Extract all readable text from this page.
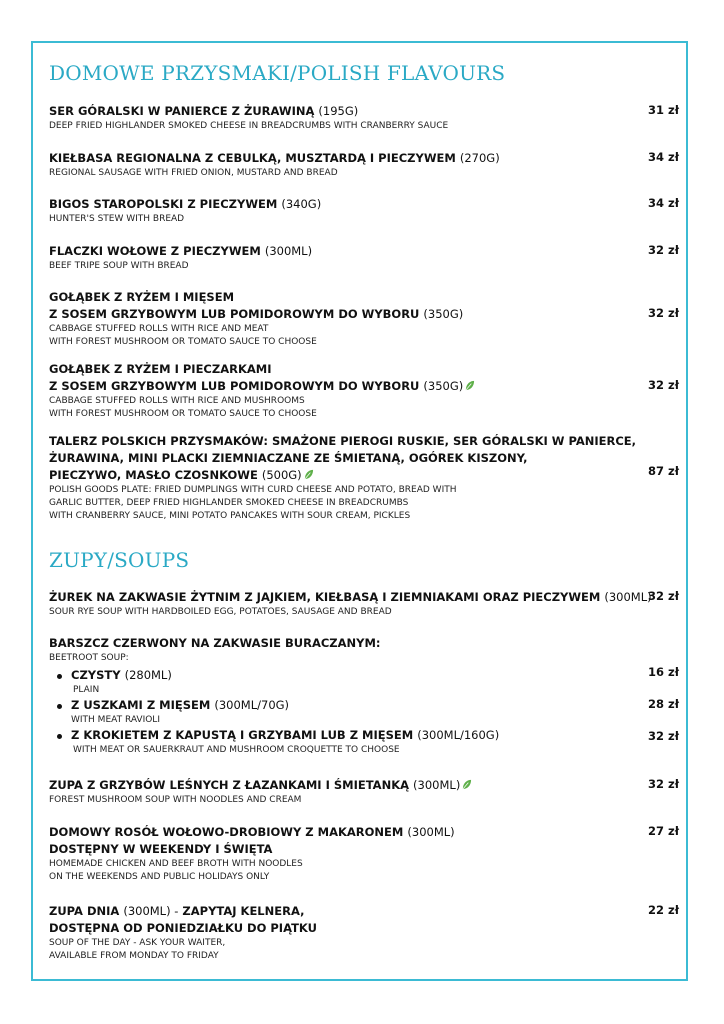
DOMOWE PRZYSMAKI/POLISH FLAVOURS
SER GÓRALSKI W PANIERCE Z ŻURAWINĄ (195G)
DEEP FRIED HIGHLANDER SMOKED CHEESE IN BREADCRUMBS WITH CRANBERRY SAUCE
31 zł
KIEŁBASA REGIONALNA Z CEBULKĄ, MUSZTARDĄ I PIECZYWEM (270G)
REGIONAL SAUSAGE WITH FRIED ONION, MUSTARD AND BREAD
34 zł
BIGOS STAROPOLSKI Z PIECZYWEM (340G)
HUNTER'S STEW WITH BREAD
34 zł
FLACZKI WOŁOWE Z PIECZYWEM (300ML)
BEEF TRIPE SOUP WITH BREAD
32 zł
GOŁĄBEK Z RYŻEM I MIĘSEM
Z SOSEM GRZYBOWYM LUB POMIDOROWYM DO WYBORU (350G)
CABBAGE STUFFED ROLLS WITH RICE AND MEAT
WITH FOREST MUSHROOM OR TOMATO SAUCE TO CHOOSE
32 zł
GOŁĄBEK Z RYŻEM I PIECZARKAMI
Z SOSEM GRZYBOWYM LUB POMIDOROWYM DO WYBORU (350G)
CABBAGE STUFFED ROLLS WITH RICE AND MUSHROOMS
WITH FOREST MUSHROOM OR TOMATO SAUCE TO CHOOSE
32 zł
TALERZ POLSKICH PRZYSMAKÓW: SMAŻONE PIEROGI RUSKIE, SER GÓRALSKI W PANIERCE,
ŻURAWINA, MINI PLACKI ZIEMNIACZANE ZE ŚMIETANĄ, OGÓREK KISZONY,
PIECZYWO, MASŁO CZOSNKOWE (500G)
POLISH GOODS PLATE: FRIED DUMPLINGS WITH CURD CHEESE AND POTATO, BREAD WITH
GARLIC BUTTER, DEEP FRIED HIGHLANDER SMOKED CHEESE IN BREADCRUMBS
WITH CRANBERRY SAUCE, MINI POTATO PANCAKES WITH SOUR CREAM, PICKLES
87 zł
ZUPY/SOUPS
ŻUREK NA ZAKWASIE ŻYTNIM Z JAJKIEM, KIEŁBASĄ I ZIEMNIAKAMI ORAZ PIECZYWEM (300ML)
SOUR RYE SOUP WITH HARDBOILED EGG, POTATOES, SAUSAGE AND BREAD
32 zł
BARSZCZ CZERWONY NA ZAKWASIE BURACZANYM:
BEETROOT SOUP:
CZYSTY (280ML)
PLAIN
16 zł
Z USZKAMI Z MIĘSEM (300ML/70G)
WITH MEAT RAVIOLI
28 zł
Z KROKIETEM Z KAPUSTĄ I GRZYBAMI LUB Z MIĘSEM (300ML/160G)
WITH MEAT OR SAUERKRAUT AND MUSHROOM CROQUETTE TO CHOOSE
32 zł
ZUPA Z GRZYBÓW LEŚNYCH Z ŁAZANKAMI I ŚMIETANKĄ (300ML)
FOREST MUSHROOM SOUP WITH NOODLES AND CREAM
32 zł
DOMOWY ROSÓŁ WOŁOWO-DROBIOWY Z MAKARONEM (300ML)
DOSTĘPNY W WEEKENDY I ŚWIĘTA
HOMEMADE CHICKEN AND BEEF BROTH WITH NOODLES
ON THE WEEKENDS AND PUBLIC HOLIDAYS ONLY
27 zł
ZUPA DNIA (300ML) - ZAPYTAJ KELNERA,
DOSTĘPNA OD PONIEDZIAŁKU DO PIĄTKU
SOUP OF THE DAY - ASK YOUR WAITER,
AVAILABLE FROM MONDAY TO FRIDAY
22 zł
